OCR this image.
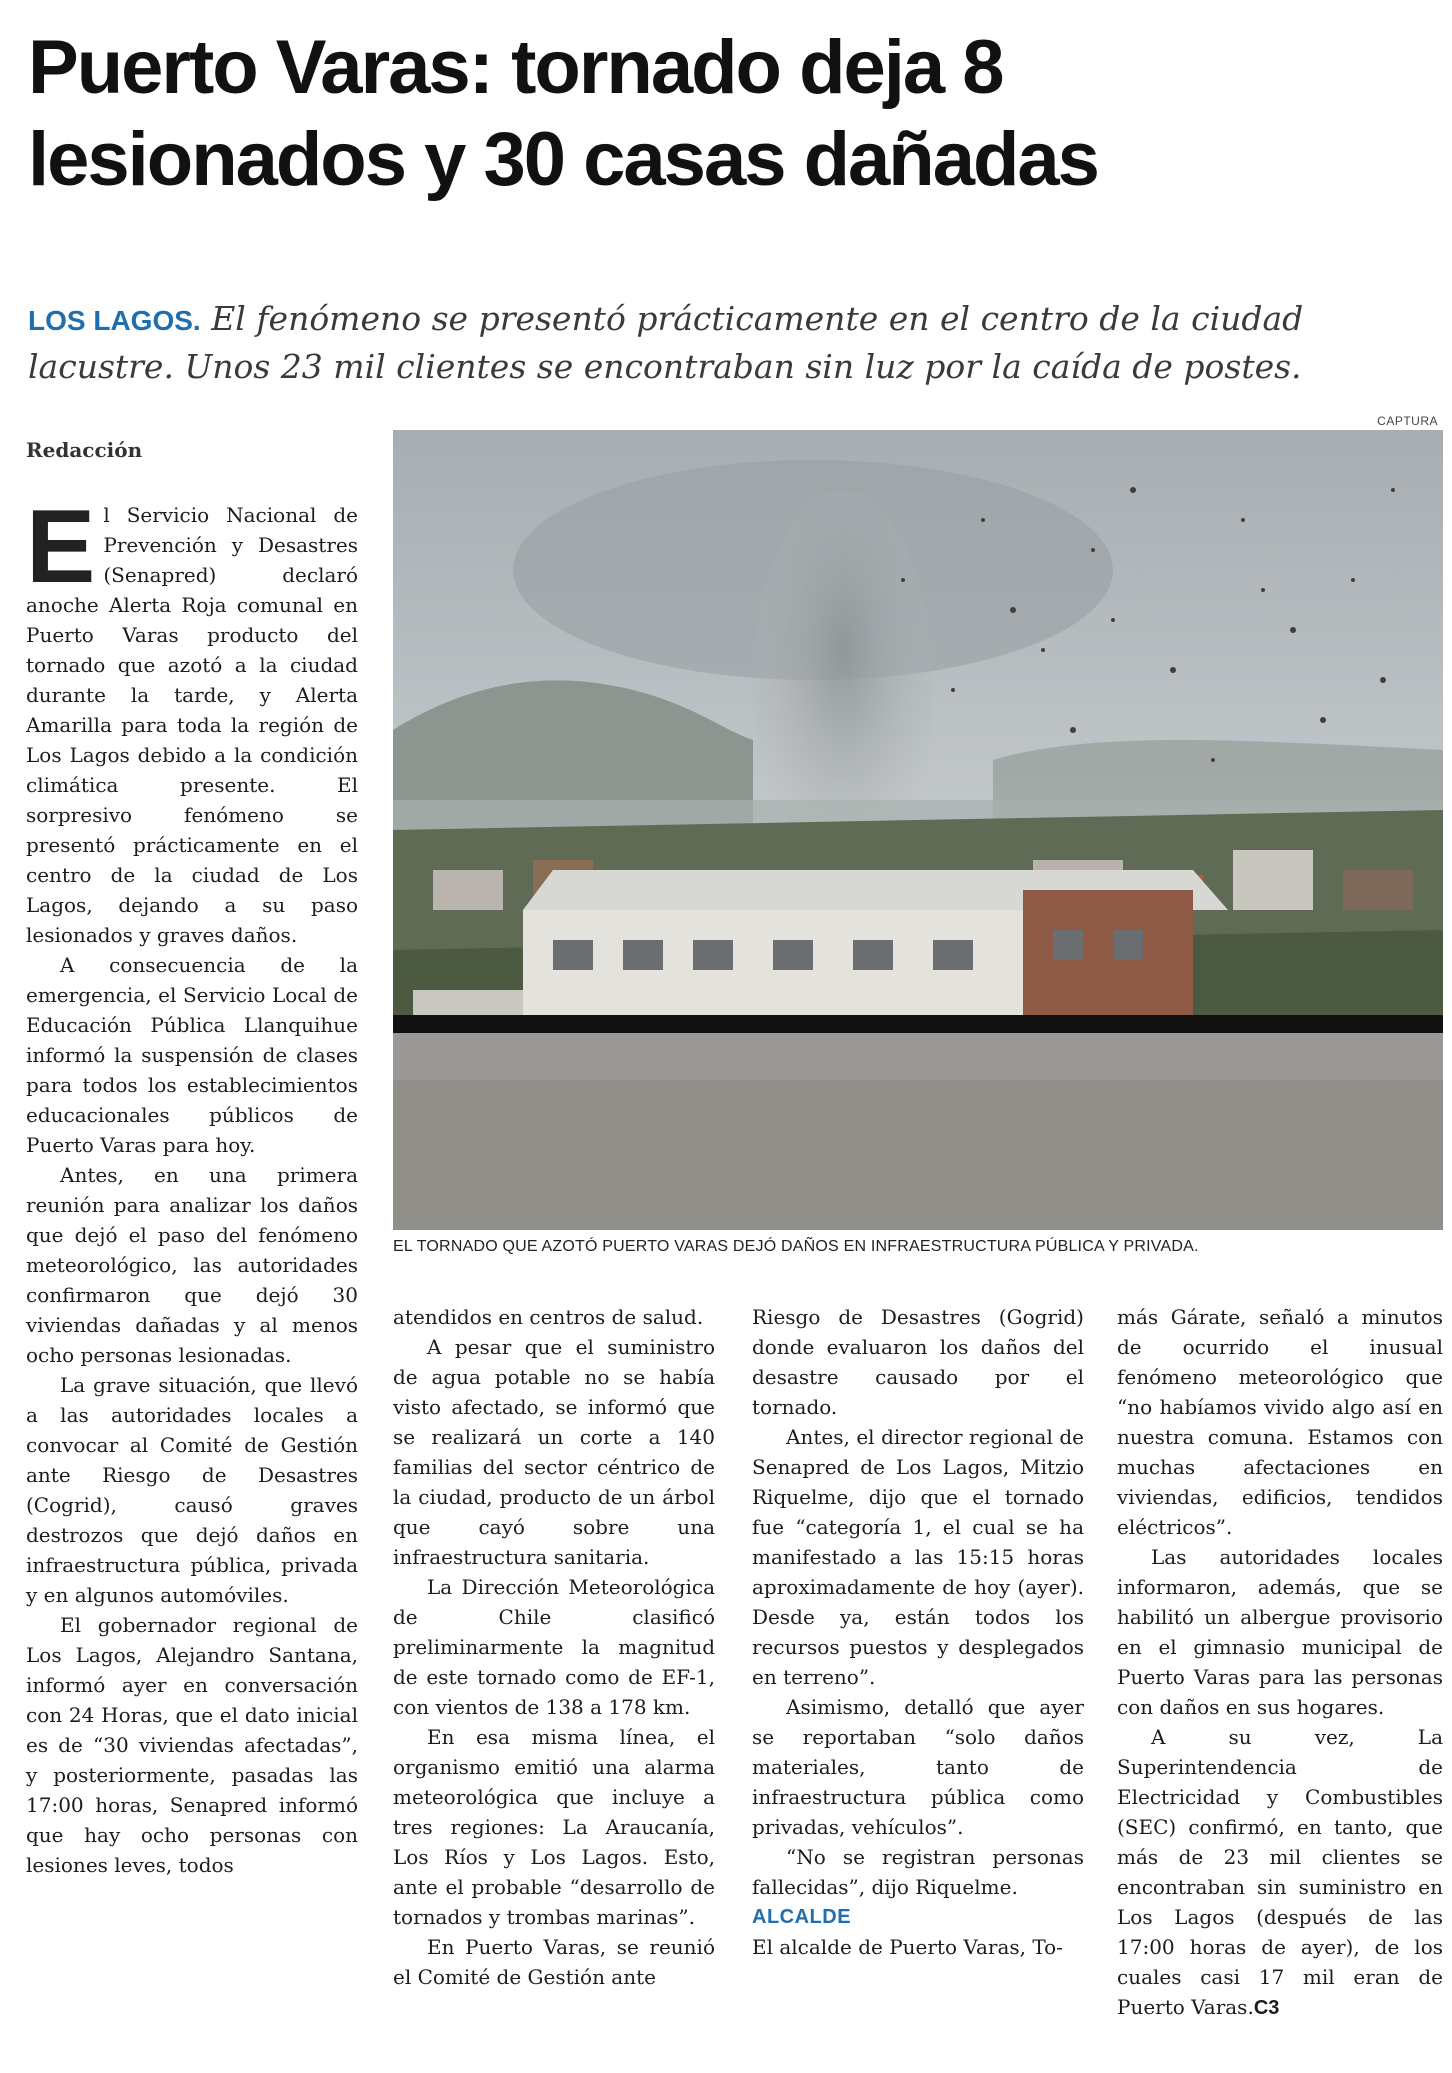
Puerto Varas: tornado deja 8
lesionados y 30 casas dañadas
LOS LAGOS. El fenómeno se presentó prácticamente en el centro de la ciudad lacustre. Unos 23 mil clientes se encontraban sin luz por la caída de postes.
CAPTURA
EL TORNADO QUE AZOTÓ PUERTO VARAS DEJÓ DAÑOS EN INFRAESTRUCTURA PÚBLICA Y PRIVADA.
Redacción

El Servicio Nacional de Prevención y Desastres (Senapred) declaró anoche Alerta Roja comunal en Puerto Varas producto del tornado que azotó a la ciudad durante la tarde, y Alerta Amarilla para toda la región de Los Lagos debido a la condición climática presente. El sorpresivo fenómeno se presentó prácticamente en el centro de la ciudad de Los Lagos, dejando a su paso lesionados y graves daños.

A consecuencia de la emergencia, el Servicio Local de Educación Pública Llanquihue informó la suspensión de clases para todos los establecimientos educacionales públicos de Puerto Varas para hoy.

Antes, en una primera reunión para analizar los daños que dejó el paso del fenómeno meteorológico, las autoridades confirmaron que dejó 30 viviendas dañadas y al menos ocho personas lesionadas.

La grave situación, que llevó a las autoridades locales a convocar al Comité de Gestión ante Riesgo de Desastres (Cogrid), causó graves destrozos que dejó daños en infraestructura pública, privada y en algunos automóviles.

El gobernador regional de Los Lagos, Alejandro Santana, informó ayer en conversación con 24 Horas, que el dato inicial es de “30 viviendas afectadas”, y posteriormente, pasadas las 17:00 horas, Senapred informó que hay ocho personas con lesiones leves, todos

atendidos en centros de salud.

A pesar que el suministro de agua potable no se había visto afectado, se informó que se realizará un corte a 140 familias del sector céntrico de la ciudad, producto de un árbol que cayó sobre una infraestructura sanitaria.

La Dirección Meteorológica de Chile clasificó preliminarmente la magnitud de este tornado como de EF-1, con vientos de 138 a 178 km.

En esa misma línea, el organismo emitió una alarma meteorológica que incluye a tres regiones: La Araucanía, Los Ríos y Los Lagos. Esto, ante el probable “desarrollo de tornados y trombas marinas”.

En Puerto Varas, se reunió el Comité de Gestión ante

Riesgo de Desastres (Gogrid) donde evaluaron los daños del desastre causado por el tornado.

Antes, el director regional de Senapred de Los Lagos, Mitzio Riquelme, dijo que el tornado fue “categoría 1, el cual se ha manifestado a las 15:15 horas aproximadamente de hoy (ayer). Desde ya, están todos los recursos puestos y desplegados en terreno”.

Asimismo, detalló que ayer se reportaban “solo daños materiales, tanto de infraestructura pública como privadas, vehículos”.

“No se registran personas fallecidas”, dijo Riquelme.

ALCALDE

El alcalde de Puerto Varas, To-

más Gárate, señaló a minutos de ocurrido el inusual fenómeno meteorológico que “no habíamos vivido algo así en nuestra comuna. Estamos con muchas afectaciones en viviendas, edificios, tendidos eléctricos”.

Las autoridades locales informaron, además, que se habilitó un albergue provisorio en el gimnasio municipal de Puerto Varas para las personas con daños en sus hogares.

A su vez, La Superintendencia de Electricidad y Combustibles (SEC) confirmó, en tanto, que más de 23 mil clientes se encontraban sin suministro en Los Lagos (después de las 17:00 horas de ayer), de los cuales casi 17 mil eran de Puerto Varas.C3
